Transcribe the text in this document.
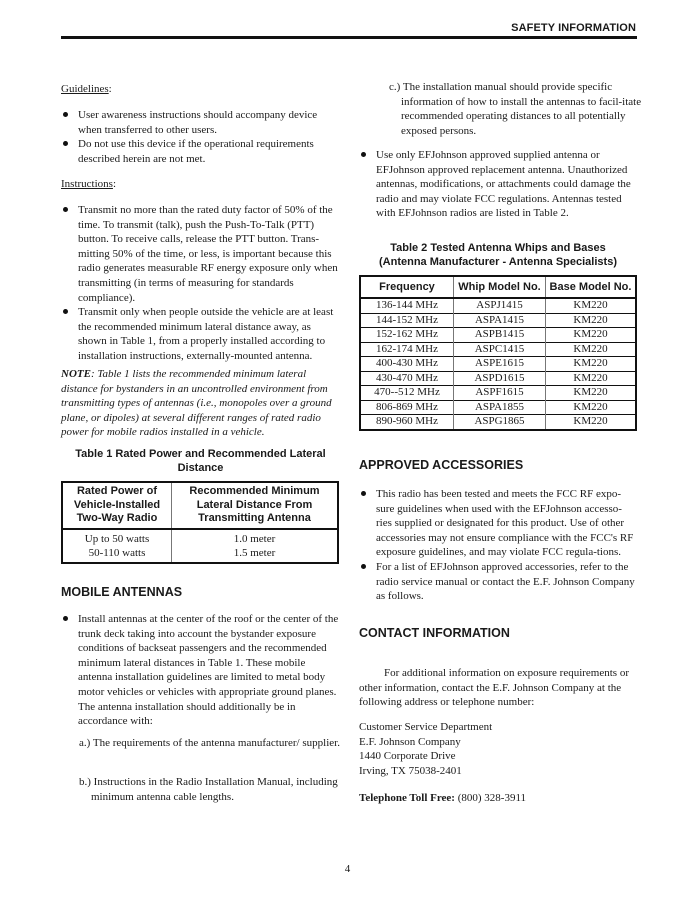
SAFETY INFORMATION
Guidelines:
User awareness instructions should accompany device when transferred to other users.
Do not use this device if the operational requirements described herein are not met.
Instructions:
Transmit no more than the rated duty factor of 50% of the time. To transmit (talk), push the Push-To-Talk (PTT) button. To receive calls, release the PTT button. Trans-mitting 50% of the time, or less, is important because this radio generates measurable RF energy exposure only when transmitting (in terms of measuring for standards compliance).
Transmit only when people outside the vehicle are at least the recommended minimum lateral distance away, as shown in Table 1, from a properly installed according to installation instructions, externally-mounted antenna.
NOTE: Table 1 lists the recommended minimum lateral distance for bystanders in an uncontrolled environment from transmitting types of antennas (i.e., monopoles over a ground plane, or dipoles) at several different ranges of rated radio power for mobile radios installed in a vehicle.
Table 1 Rated Power and Recommended Lateral Distance
Rated Power of Vehicle-Installed Two-Way Radio	Recommended Minimum Lateral Distance From Transmitting Antenna
Up to 50 watts	1.0 meter
50-110 watts	1.5 meter
MOBILE ANTENNAS
Install antennas at the center of the roof or the center of the trunk deck taking into account the bystander exposure conditions of backseat passengers and the recommended minimum lateral distances in Table 1. These mobile antenna installation guidelines are limited to metal body motor vehicles or vehicles with appropriate ground planes. The antenna installation should additionally be in accordance with:
a.) The requirements of the antenna manufacturer/ supplier.
b.) Instructions in the Radio Installation Manual, including minimum antenna cable lengths.
c.) The installation manual should provide specific information of how to install the antennas to facil-itate recommended operating distances to all potentially exposed persons.
Use only EFJohnson approved supplied antenna or EFJohnson approved replacement antenna. Unauthorized antennas, modifications, or attachments could damage the radio and may violate FCC regulations. Antennas tested with EFJohnson radios are listed in Table 2.
Table 2 Tested Antenna Whips and Bases
(Antenna Manufacturer - Antenna Specialists)
Frequency	Whip Model No.	Base Model No.
136-144 MHz	ASPJ1415	KM220
144-152 MHz	ASPA1415	KM220
152-162 MHz	ASPB1415	KM220
162-174 MHz	ASPC1415	KM220
400-430 MHz	ASPE1615	KM220
430-470 MHz	ASPD1615	KM220
470--512 MHz	ASPF1615	KM220
806-869 MHz	ASPA1855	KM220
890-960 MHz	ASPG1865	KM220
APPROVED ACCESSORIES
This radio has been tested and meets the FCC RF expo-sure guidelines when used with the EFJohnson accesso-ries supplied or designated for this product. Use of other accessories may not ensure compliance with the FCC's RF exposure guidelines, and may violate FCC regula-tions.
For a list of EFJohnson approved accessories, refer to the radio service manual or contact the E.F. Johnson Company as follows.
CONTACT INFORMATION
For additional information on exposure requirements or other information, contact the E.F. Johnson Company at the following address or telephone number:
Customer Service Department
E.F. Johnson Company
1440 Corporate Drive
Irving, TX 75038-2401
Telephone Toll Free: (800) 328-3911
4
